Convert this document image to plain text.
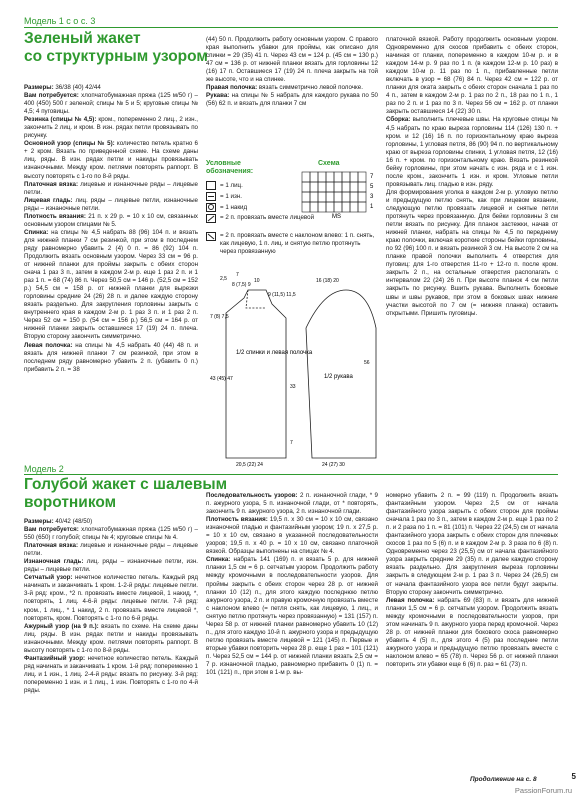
Модель 1 с о с. 3
Зеленый жакет
со структурным узором

Размеры: 36/38 (40) 42/44

Вам потребуется: хлопчатобумажная пряжа (125 м/50 г) – 400 (450) 500 г зеленой; спицы № 5 и 5; круговые спицы № 4,5; 4 пуговицы.

Резинка (спицы № 4,5): кром., попеременно 2 лиц., 2 изн., закончить 2 лиц. и кром. В изн. рядах петли провязывать по рисунку.

Основной узор (спицы № 5): количество петель кратно 6 + 2 кром. Вязать по приведенной схеме. На схеме даны лиц. ряды. В изн. рядах петли и накиды провязывать изнаночными. Между кром. петлями повторять раппорт. В высоту повторять с 1-го по 8-й ряды.

Платочная вязка: лицевые и изнаночные ряды – лицевые петли.

Лицевая гладь: лиц. ряды – лицевые петли, изнаночные ряды – изнаночные петли.

Плотность вязания: 21 п. x 29 р. = 10 x 10 см, связанных основным узором спицами № 5.

Спинка: на спицы № 4,5 набрать 88 (96) 104 п. и вязать для нижней планки 7 см резинкой, при этом в последнем ряду равномерно убавить 2 (4) 0 п. = 86 (92) 104 п. Продолжить вязать основным узором. Через 33 см = 96 р. от нижней планки для проймы закрыть с обеих сторон снача 1 раз 3 п., затем в каждом 2-м р. еще 1 раз 2 п. и 1 раз 1 п. = 68 (74) 86 п. Через 50,5 см = 146 р. (52,5 см = 152 р.) 54,5 см = 158 р. от нижней планки для вырезки горловины средние 24 (26) 28 п. и далее каждую сторону вязать раздельно. Для закругления горловины закрыть с внутреннего края в каждом 2-м р. 1 раз 3 п. и 1 раз 2 п. Через 52 см = 150 р. (54 см = 156 р.) 56,5 см = 164 р. от нижней планки закрыть оставшиеся 17 (19) 24 п. плеча. Вторую сторону закончить симметрично.

Левая полочка: на спицы № 4,5 набрать 40 (44) 48 п. и вязать для нижней планки 7 см резинкой, при этом в последнем ряду равномерно убавить 2 п. (убавить 0 п.) прибавить 2 п. = 38

(44) 50 п. Продолжить работу основным узором. С правого края выполнить убавки для проймы, как описано для спинки = 29 (35) 41 п. Через 43 см = 124 р. (45 см = 130 р.) 47 см = 136 р. от нижней планки вязать для горловины 12 (16) 17 п. Оставшиеся 17 (19) 24 п. плеча закрыть на той же высоте, что и на спинке.

Правая полочка: вязать симметрично левой полочке.

Рукава: на спицы № 5 набрать для каждого рукава по 50 (56) 62 п. и вязать для планки 7 см

Условные
обозначения:
= 1 лиц.
= 1 изн.
= 1 накид
= 2 п. провязать вместе лицевой
= 2 п. провязать вместе с наклоном влево: 1 п. снять, как лицевую, 1 п. лиц. и снятую петлю протянуть через провязанную
Схема
7
5
3
1
MS

платочной вязкой. Работу продолжить основным узором. Одновременно для скосов прибавить с обеих сторон, начиная от планки, попеременно в каждом 10-м р. и в каждом 14-м р. 9 раз по 1 п. (в каждом 12-м р. 10 раз) в каждом 10-м р. 11 раз по 1 п., прибавленные петли включать в узор = 68 (76) 84 п. Через 42 см = 122 р. от планки для оката закрыть с обеих сторон сначала 1 раз по 4 п., затем в каждом 2-м р. 1 раз по 2 п., 18 раз по 1 п., 1 раз по 2 п. и 1 раз по 3 п. Через 56 см = 162 р. от планки закрыть оставшиеся 14 (22) 30 п.

Сборка: выполнить плечевые швы. На круговые спицы № 4,5 набрать по краю выреза горловины 114 (126) 130 п. + кром. и 12 (16) 16 п. по горизонтальному краю выреза горловины, 1 угловая петля, 86 (90) 94 п. по вертикальному краю от выреза горловины спинки, 1 угловая петля, 12 (16) 16 п. + кром. по горизонтальному краю. Вязать резинкой бейку горловины, при этом начать с изн. ряда и с 1 изн. после кром., закончить 1 изн. и кром. Угловые петли провязывать лиц. гладью в изн. ряду.

Для формирования уголка в каждом 2-м р. угловую петлю и предыдущую петлю снять, как при лицевом вязании, следующую петлю провязать лицевой и снятые петли протянуть через провязанную. Для бейки горловины 3 см петли вязать по рисунку. Для планок застежки, начав от нижней планки, набрать на спицы № 4,5 по переднему краю полочки, включая короткие стороны бейки горловины, по 92 (96) 100 п. и вязать резинкой 3 см. На высоте 2 см на планке правой полочки выполнить 4 отверстия для пуговиц: для 1-го отверстия 11-го + 12-го п. после кром. закрыть 2 п., на остальные отверстия располагать с интервалом 22 (24) 26 п. При высоте планок 4 см петли закрыть по рисунку. Вшить рукава. Выполнить боковые швы и швы рукавов, при этом в боковых швах нижние участки высотой по 7 см (= нижняя планка) оставить открытыми. Пришить пуговицы.

1/2 спинки и левая полочка
1/2 рукава
2,5
7
8 (7,5) 9
10
9 (11,5) 11,5
7 (8) 7,5
43 (45) 47
33
7
20,5 (22) 24
16 (18) 20
56
24 (27) 30
Модель 2
Голубой жакет с шалевым
воротником

Размеры: 40/42 (48/50)

Вам потребуется: хлопчатобумажная пряжа (125 м/50 г) – 550 (650) г голубой; спицы № 4; круговые спицы № 4.

Платочная вязка: лицевые и изнаночные ряды – лицевые петли.

Изнаночная гладь: лиц. ряды – изнаночные петли, изн. ряды – лицевые петли.

Сетчатый узор: нечетное количество петель. Каждый ряд начинать и заканчивать 1 кром. 1-2-й ряды: лицевые петли. 3-й ряд: кром., *2 п. провязать вместе лицевой, 1 накид, *, повторять, 1 лиц. 4-6-й ряды: лицевые петли. 7-й ряд: кром., 1 лиц., * 1 накид, 2 п. провязать вместе лицевой *, повторять, кром. Повторять с 1-го по 6-й ряды.

Ажурный узор (на 9 п.): вязать по схеме. На схеме даны лиц. ряды. В изн. рядах петли и накиды провязывать изнаночными. Между кром. петлями повторять раппорт. В высоту повторять с 1-го по 8-й ряды.

Фантазийный узор: нечетное количество петель. Каждый ряд начинать и заканчивать 1 кром. 1-й ряд: попеременно 1 лиц. и 1 изн., 1 лиц. 2-4-й ряды: вязать по рисунку. 3-й ряд: попеременно 1 изн. и 1 лиц., 1 изн. Повторять с 1-го по 4-й ряды.

Последовательность узоров: 2 п. изнаночной глади, * 9 п. ажурного узора, 5 п. изнаночной глади, от * повторять, закончить 9 п. ажурного узора, 2 п. изнаночной глади.

Плотность вязания: 19,5 п. x 30 см = 10 x 10 см, связано изнаночной гладью и фантазийным узором; 19 п. x 27,5 р. = 10 x 10 см, связано в указанной последовательности узоров; 19,5 п. x 40 р. = 10 x 10 см, связано платочной вязкой. Образцы выполнены на спицах № 4.

Спинка: набрать 141 (169) п. и вязать 5 р. для нижней планки 1,5 см = 6 р. сетчатым узором. Продолжить работу между кромочными в последовательности узоров. Для проймы закрыть с обеих сторон через 28 р. от нижней планки 10 (12) п., для этого каждую последнюю петлю ажурного узора, 2 п. и правую кромочную провязать вместе с наклоном влево (= петля снять, как лицевую, 1 лиц., и снятую петлю протянуть через провязанную) = 131 (157) п. Через 58 р. от нижней планки равномерно убавить 10 (12) п., для этого каждую 10-й п. ажурного узора и предыдущую петлю провязать вместе лицевой = 121 (145) п. Первые и вторые убавки повторить через 28 р. еще 1 раз = 101 (121) п. Через 52,5 см = 144 р. от нижней планки вязать 2,5 см = 7 р. изнаночной гладью, равномерно прибавить 0 (1) п. = 101 (121) п., при этом в 1-м р. вы-

номерно убавить 2 п. = 99 (119) п. Продолжить вязать фантазийным узором. Через 2,5 см от начала фантазийного узора закрыть с обеих сторон для проймы сначала 1 раз по 3 п., затем в каждом 2-м р. еще 1 раз по 2 п. и 2 раза по 1 п. = 81 (101) п. Через 22 (24,5) см от начала фантазийного узора закрыть с обеих сторон для плечевых скосов 1 раз по 5 (6) п. и в каждом 2-м р. 3 раза по 6 (8) п. Одновременно через 23 (25,5) см от начала фантазийного узора закрыть средние 29 (35) п. и далее каждую сторону вязать раздельно. Для закругления выреза горловины закрыть в следующем 2-м р. 1 раз 3 п. Через 24 (26,5) см от начала фантазийного узора все петли будут закрыты. Вторую сторону закончить симметрично.

Левая полочка: набрать 69 (83) п. и вязать для нижней планки 1,5 см = 6 р. сетчатым узором. Продолжить вязать между кромочными в последовательности узоров, при этом начинать 9 п. ажурного узора перед кромочной. Через 28 р. от нижней планки для бокового скоса равномерно убавить 4 (5) п., для этого 4 (5) раз последние петли ажурного узора и предыдущую петлю провязать вместе с наклоном влево = 65 (78) п. Через 56 р. от нижней планки повторить эти убавки еще 6 (6) п. раз = 61 (73) п.

Продолжение на с. 8	5
PassionForum.ru
